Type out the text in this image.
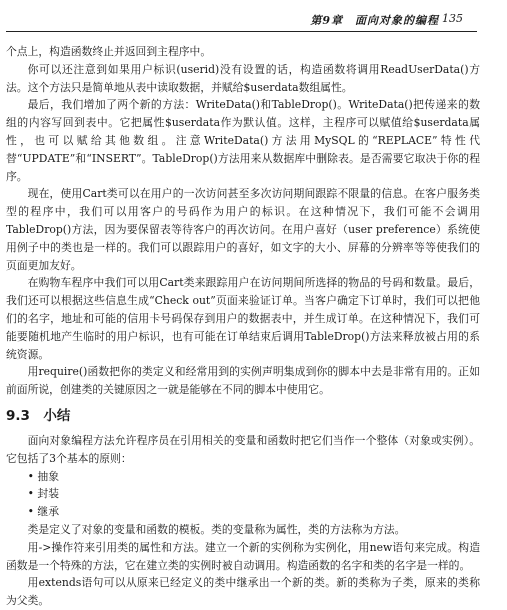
第9章　面向对象的编程 135

个点上，构造函数终止并返回到主程序中。

你可以还注意到如果用户标识(userid)没有设置的话，构造函数将调用ReadUserData()方法。这个方法只是简单地从表中读取数据，并赋给$userdata数组属性。

最后，我们增加了两个新的方法：WriteData()和TableDrop()。WriteData()把传递来的数组的内容写回到表中。它把属性$userdata作为默认值。这样，主程序可以赋值给$userdata属性，也可以赋给其他数组。注意WriteData()方法用MySQL的“REPLACE”特性代替“UPDATE”和“INSERT”。TableDrop()方法用来从数据库中删除表。是否需要它取决于你的程序。

现在，使用Cart类可以在用户的一次访问甚至多次访问期间跟踪不限量的信息。在客户服务类型的程序中，我们可以用客户的号码作为用户的标识。在这种情况下，我们可能不会调用TableDrop()方法，因为要保留表等待客户的再次访问。在用户喜好（user preference）系统使用例子中的类也是一样的。我们可以跟踪用户的喜好，如文字的大小、屏幕的分辨率等等使我们的页面更加友好。

在购物车程序中我们可以用Cart类来跟踪用户在访问期间所选择的物品的号码和数量。最后，我们还可以根据这些信息生成“Check out”页面来验证订单。当客户确定下订单时，我们可以把他们的名字，地址和可能的信用卡号码保存到用户的数据表中，并生成订单。在这种情况下，我们可能要随机地产生临时的用户标识，也有可能在订单结束后调用TableDrop()方法来释放被占用的系统资源。

用require()函数把你的类定义和经常用到的实例声明集成到你的脚本中去是非常有用的。正如前面所说，创建类的关键原因之一就是能够在不同的脚本中使用它。

9.3　小结

面向对象编程方法允许程序员在引用相关的变量和函数时把它们当作一个整体（对象或实例）。它包括了3个基本的原则：

• 抽象
• 封装
• 继承

类是定义了对象的变量和函数的模板。类的变量称为属性，类的方法称为方法。

用->操作符来引用类的属性和方法。建立一个新的实例称为实例化，用new语句来完成。构造函数是一个特殊的方法，它在建立类的实例时被自动调用。构造函数的名字和类的名字是一样的。

用extends语句可以从原来已经定义的类中继承出一个新的类。新的类称为子类，原来的类称为父类。
